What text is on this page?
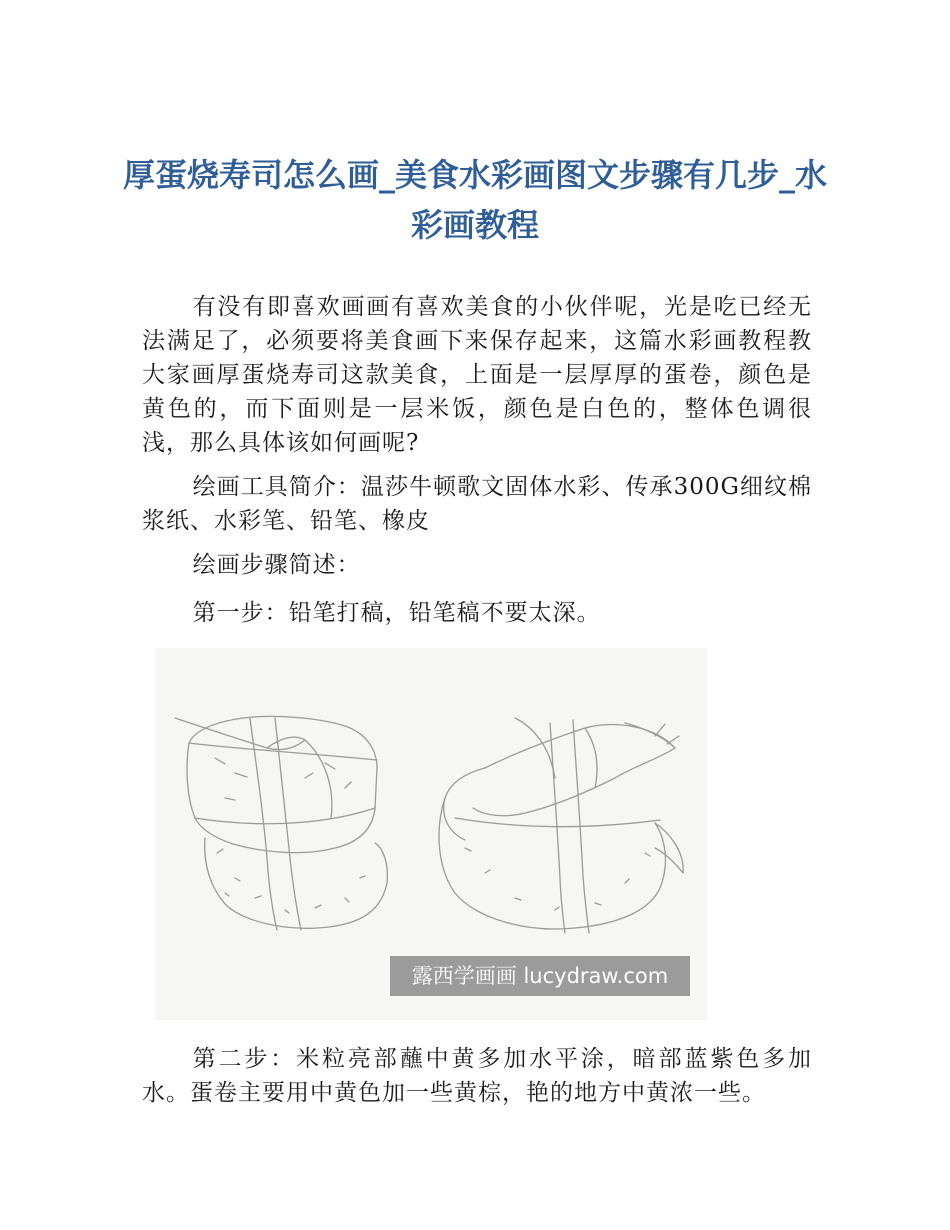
厚蛋烧寿司怎么画_美食水彩画图文步骤有几步_水彩画教程

有没有即喜欢画画有喜欢美食的小伙伴呢，光是吃已经无法满足了，必须要将美食画下来保存起来，这篇水彩画教程教大家画厚蛋烧寿司这款美食，上面是一层厚厚的蛋卷，颜色是黄色的，而下面则是一层米饭，颜色是白色的，整体色调很浅，那么具体该如何画呢?

绘画工具简介：温莎牛顿歌文固体水彩、传承300G细纹棉浆纸、水彩笔、铅笔、橡皮

绘画步骤简述：

第一步：铅笔打稿，铅笔稿不要太深。

露西学画画 lucydraw.com

第二步：米粒亮部蘸中黄多加水平涂，暗部蓝紫色多加水。蛋卷主要用中黄色加一些黄棕，艳的地方中黄浓一些。
